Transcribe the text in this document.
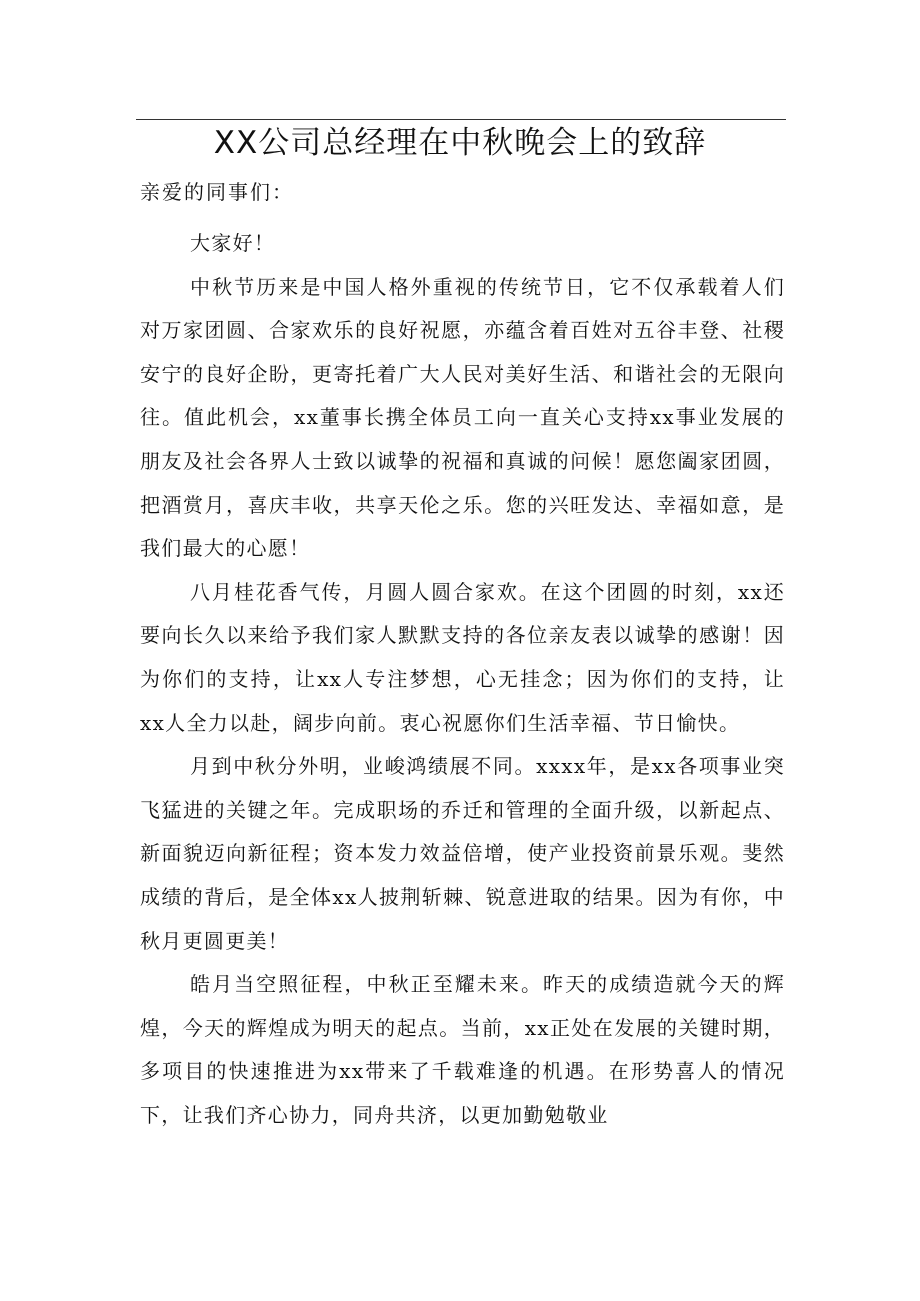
XX公司总经理在中秋晚会上的致辞
亲爱的同事们：

大家好！

中秋节历来是中国人格外重视的传统节日，它不仅承载着人们对万家团圆、合家欢乐的良好祝愿，亦蕴含着百姓对五谷丰登、社稷安宁的良好企盼，更寄托着广大人民对美好生活、和谐社会的无限向往。值此机会，xx董事长携全体员工向一直关心支持xx事业发展的朋友及社会各界人士致以诚挚的祝福和真诚的问候！愿您阖家团圆，把酒赏月，喜庆丰收，共享天伦之乐。您的兴旺发达、幸福如意，是我们最大的心愿！

八月桂花香气传，月圆人圆合家欢。在这个团圆的时刻，xx还要向长久以来给予我们家人默默支持的各位亲友表以诚挚的感谢！因为你们的支持，让xx人专注梦想，心无挂念；因为你们的支持，让xx人全力以赴，阔步向前。衷心祝愿你们生活幸福、节日愉快。

月到中秋分外明，业峻鸿绩展不同。xxxx年，是xx各项事业突飞猛进的关键之年。完成职场的乔迁和管理的全面升级，以新起点、新面貌迈向新征程；资本发力效益倍增，使产业投资前景乐观。斐然成绩的背后，是全体xx人披荆斩棘、锐意进取的结果。因为有你，中秋月更圆更美！

皓月当空照征程，中秋正至耀未来。昨天的成绩造就今天的辉煌，今天的辉煌成为明天的起点。当前，xx正处在发展的关键时期，多项目的快速推进为xx带来了千载难逢的机遇。在形势喜人的情况下，让我们齐心协力，同舟共济，以更加勤勉敬业
